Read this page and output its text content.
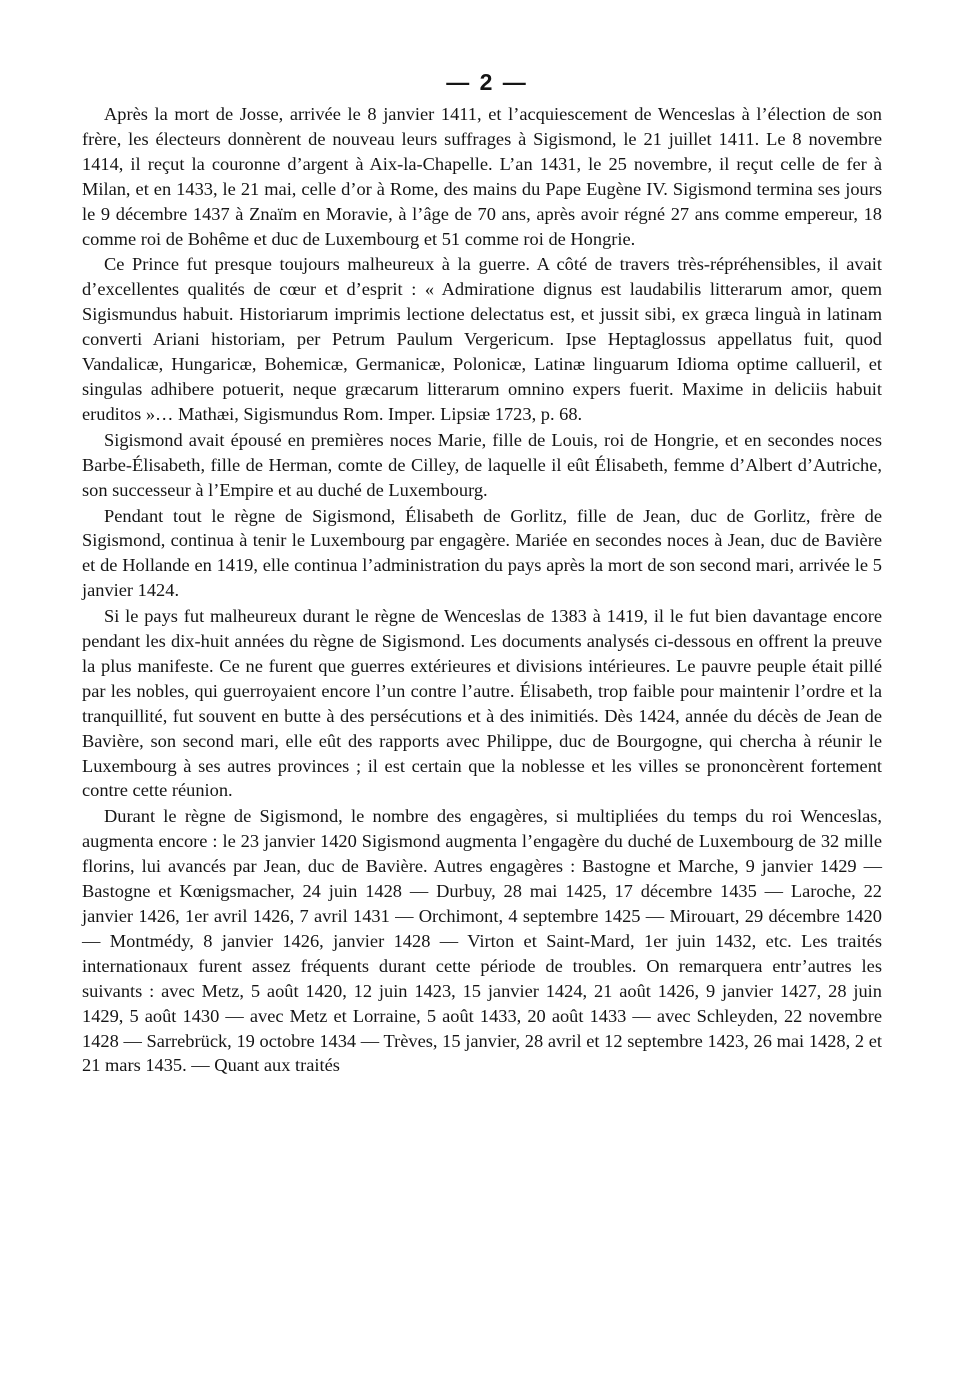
— 2 —

Après la mort de Josse, arrivée le 8 janvier 1411, et l’acquiescement de Wenceslas à l’élection de son frère, les électeurs donnèrent de nouveau leurs suffrages à Sigismond, le 21 juillet 1411. Le 8 novembre 1414, il reçut la couronne d’argent à Aix-la-Chapelle. L’an 1431, le 25 novembre, il reçut celle de fer à Milan, et en 1433, le 21 mai, celle d’or à Rome, des mains du Pape Eugène IV. Sigismond termina ses jours le 9 décembre 1437 à Znaïm en Moravie, à l’âge de 70 ans, après avoir régné 27 ans comme empereur, 18 comme roi de Bohême et duc de Luxembourg et 51 comme roi de Hongrie.

Ce Prince fut presque toujours malheureux à la guerre. A côté de travers très-répréhensibles, il avait d’excellentes qualités de cœur et d’esprit : « Admiratione dignus est laudabilis litterarum amor, quem Sigismundus habuit. Historiarum imprimis lectione delectatus est, et jussit sibi, ex græca linguà in latinam converti Ariani historiam, per Petrum Paulum Vergericum. Ipse Heptaglossus appellatus fuit, quod Vandalicæ, Hungaricæ, Bohemicæ, Germanicæ, Polonicæ, Latinæ linguarum Idioma optime callueril, et singulas adhibere potuerit, neque græcarum litterarum omnino expers fuerit. Maxime in deliciis habuit eruditos »… Mathæi, Sigismundus Rom. Imper. Lipsiæ 1723, p. 68.

Sigismond avait épousé en premières noces Marie, fille de Louis, roi de Hongrie, et en secondes noces Barbe-Élisabeth, fille de Herman, comte de Cilley, de laquelle il eût Élisabeth, femme d’Albert d’Autriche, son successeur à l’Empire et au duché de Luxembourg.

Pendant tout le règne de Sigismond, Élisabeth de Gorlitz, fille de Jean, duc de Gorlitz, frère de Sigismond, continua à tenir le Luxembourg par engagère. Mariée en secondes noces à Jean, duc de Bavière et de Hollande en 1419, elle continua l’administration du pays après la mort de son second mari, arrivée le 5 janvier 1424.

Si le pays fut malheureux durant le règne de Wenceslas de 1383 à 1419, il le fut bien davantage encore pendant les dix-huit années du règne de Sigismond. Les documents analysés ci-dessous en offrent la preuve la plus manifeste. Ce ne furent que guerres extérieures et divisions intérieures. Le pauvre peuple était pillé par les nobles, qui guerroyaient encore l’un contre l’autre. Élisabeth, trop faible pour maintenir l’ordre et la tranquillité, fut souvent en butte à des persécutions et à des inimitiés. Dès 1424, année du décès de Jean de Bavière, son second mari, elle eût des rapports avec Philippe, duc de Bourgogne, qui chercha à réunir le Luxembourg à ses autres provinces ; il est certain que la noblesse et les villes se prononcèrent fortement contre cette réunion.

Durant le règne de Sigismond, le nombre des engagères, si multipliées du temps du roi Wenceslas, augmenta encore : le 23 janvier 1420 Sigismond augmenta l’engagère du duché de Luxembourg de 32 mille florins, lui avancés par Jean, duc de Bavière. Autres engagères : Bastogne et Marche, 9 janvier 1429 — Bastogne et Kœnigsmacher, 24 juin 1428 — Durbuy, 28 mai 1425, 17 décembre 1435 — Laroche, 22 janvier 1426, 1er avril 1426, 7 avril 1431 — Orchimont, 4 septembre 1425 — Mirouart, 29 décembre 1420 — Montmédy, 8 janvier 1426, janvier 1428 — Virton et Saint-Mard, 1er juin 1432, etc. Les traités internationaux furent assez fréquents durant cette période de troubles. On remarquera entr’autres les suivants : avec Metz, 5 août 1420, 12 juin 1423, 15 janvier 1424, 21 août 1426, 9 janvier 1427, 28 juin 1429, 5 août 1430 — avec Metz et Lorraine, 5 août 1433, 20 août 1433 — avec Schleyden, 22 novembre 1428 — Sarrebrück, 19 octobre 1434 — Trèves, 15 janvier, 28 avril et 12 septembre 1423, 26 mai 1428, 2 et 21 mars 1435. — Quant aux traités
